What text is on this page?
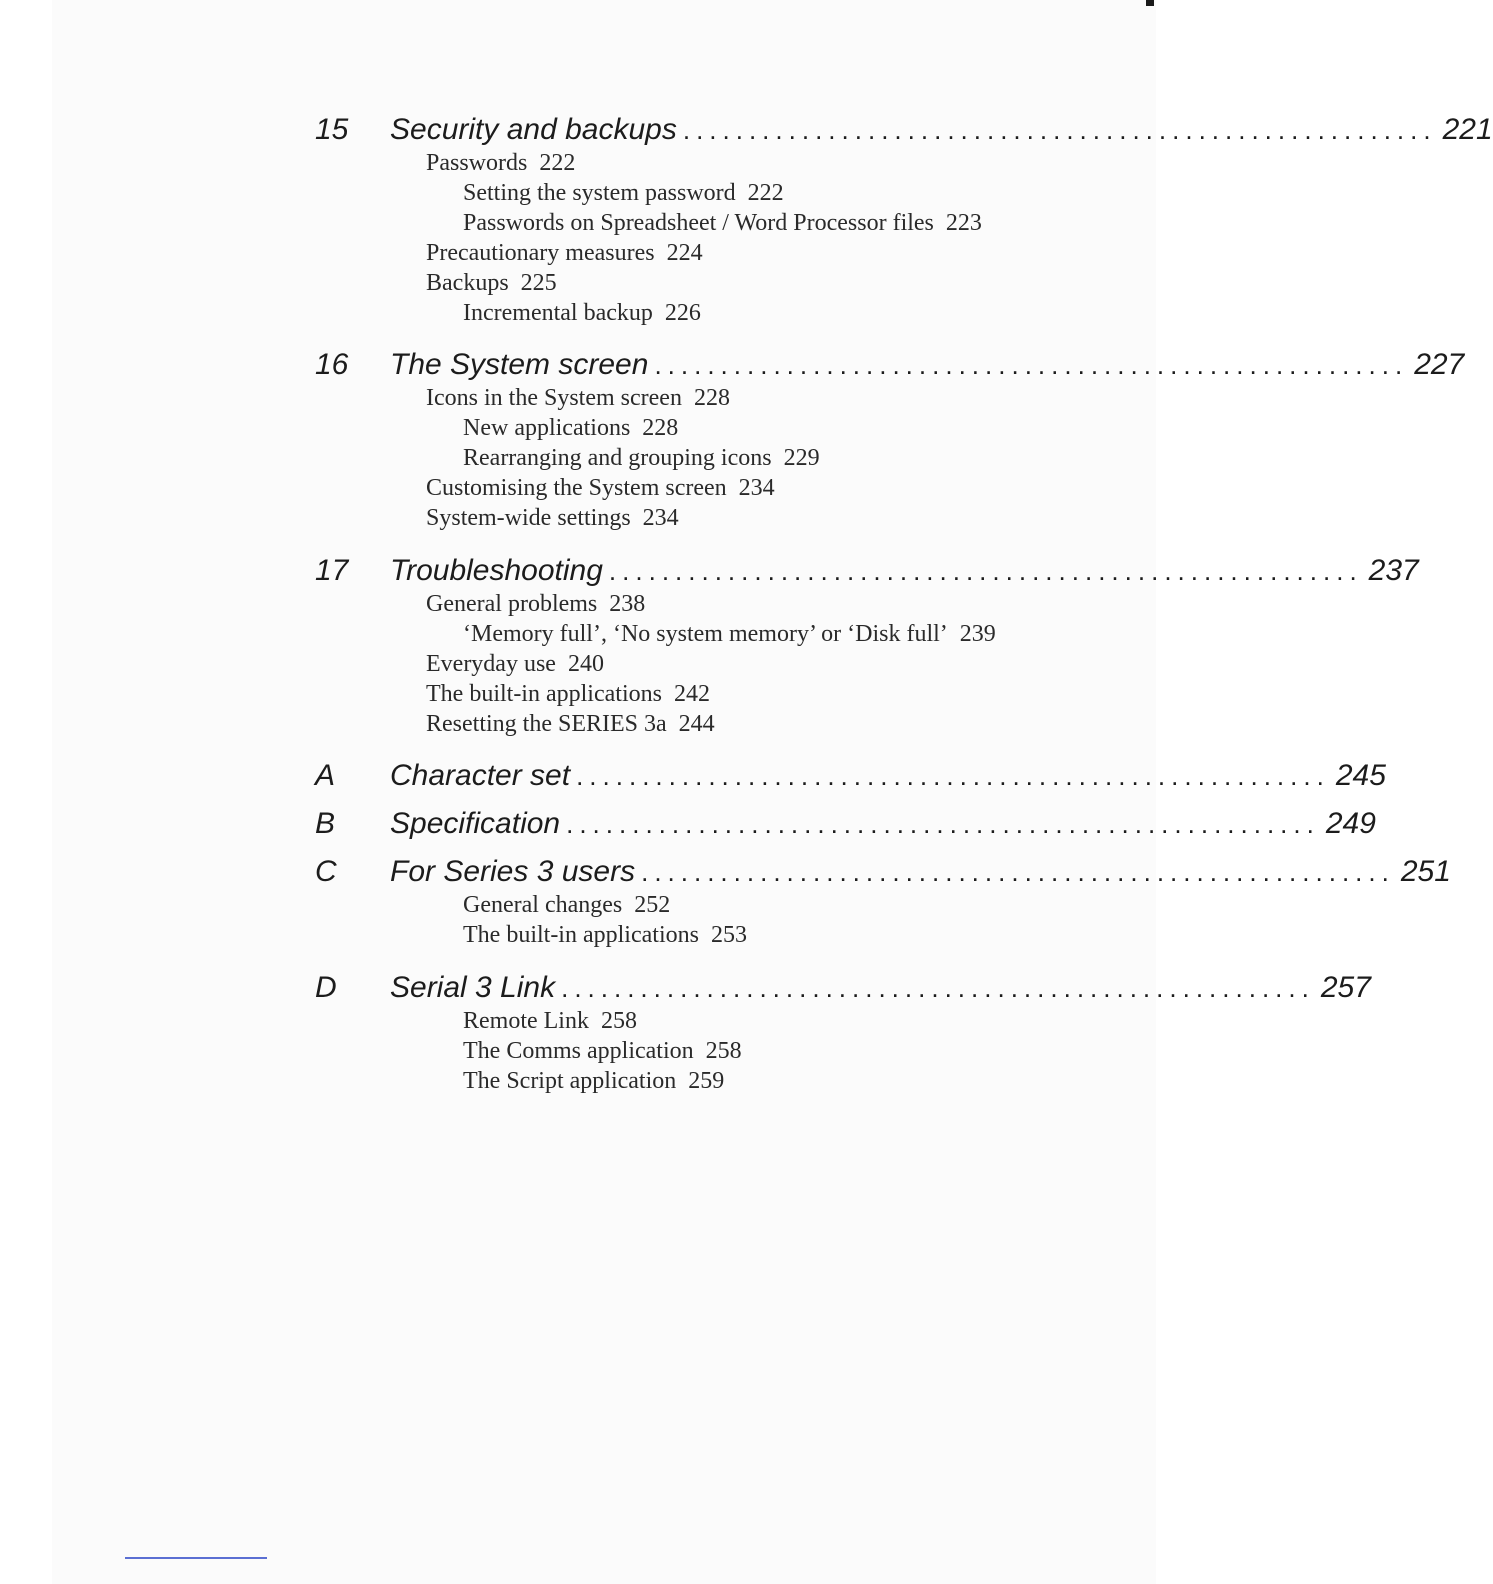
15 Security and backups ......................................................... 221
Passwords 222
Setting the system password 222
Passwords on Spreadsheet / Word Processor files 223
Precautionary measures 224
Backups 225
Incremental backup 226
16 The System screen ......................................................... 227
Icons in the System screen 228
New applications 228
Rearranging and grouping icons 229
Customising the System screen 234
System-wide settings 234
17 Troubleshooting ......................................................... 237
General problems 238
‘Memory full’, ‘No system memory’ or ‘Disk full’ 239
Everyday use 240
The built-in applications 242
Resetting the SERIES 3a 244
A Character set ......................................................... 245
B Specification ......................................................... 249
C For Series 3 users ......................................................... 251
General changes 252
The built-in applications 253
D Serial 3 Link ......................................................... 257
Remote Link 258
The Comms application 258
The Script application 259
